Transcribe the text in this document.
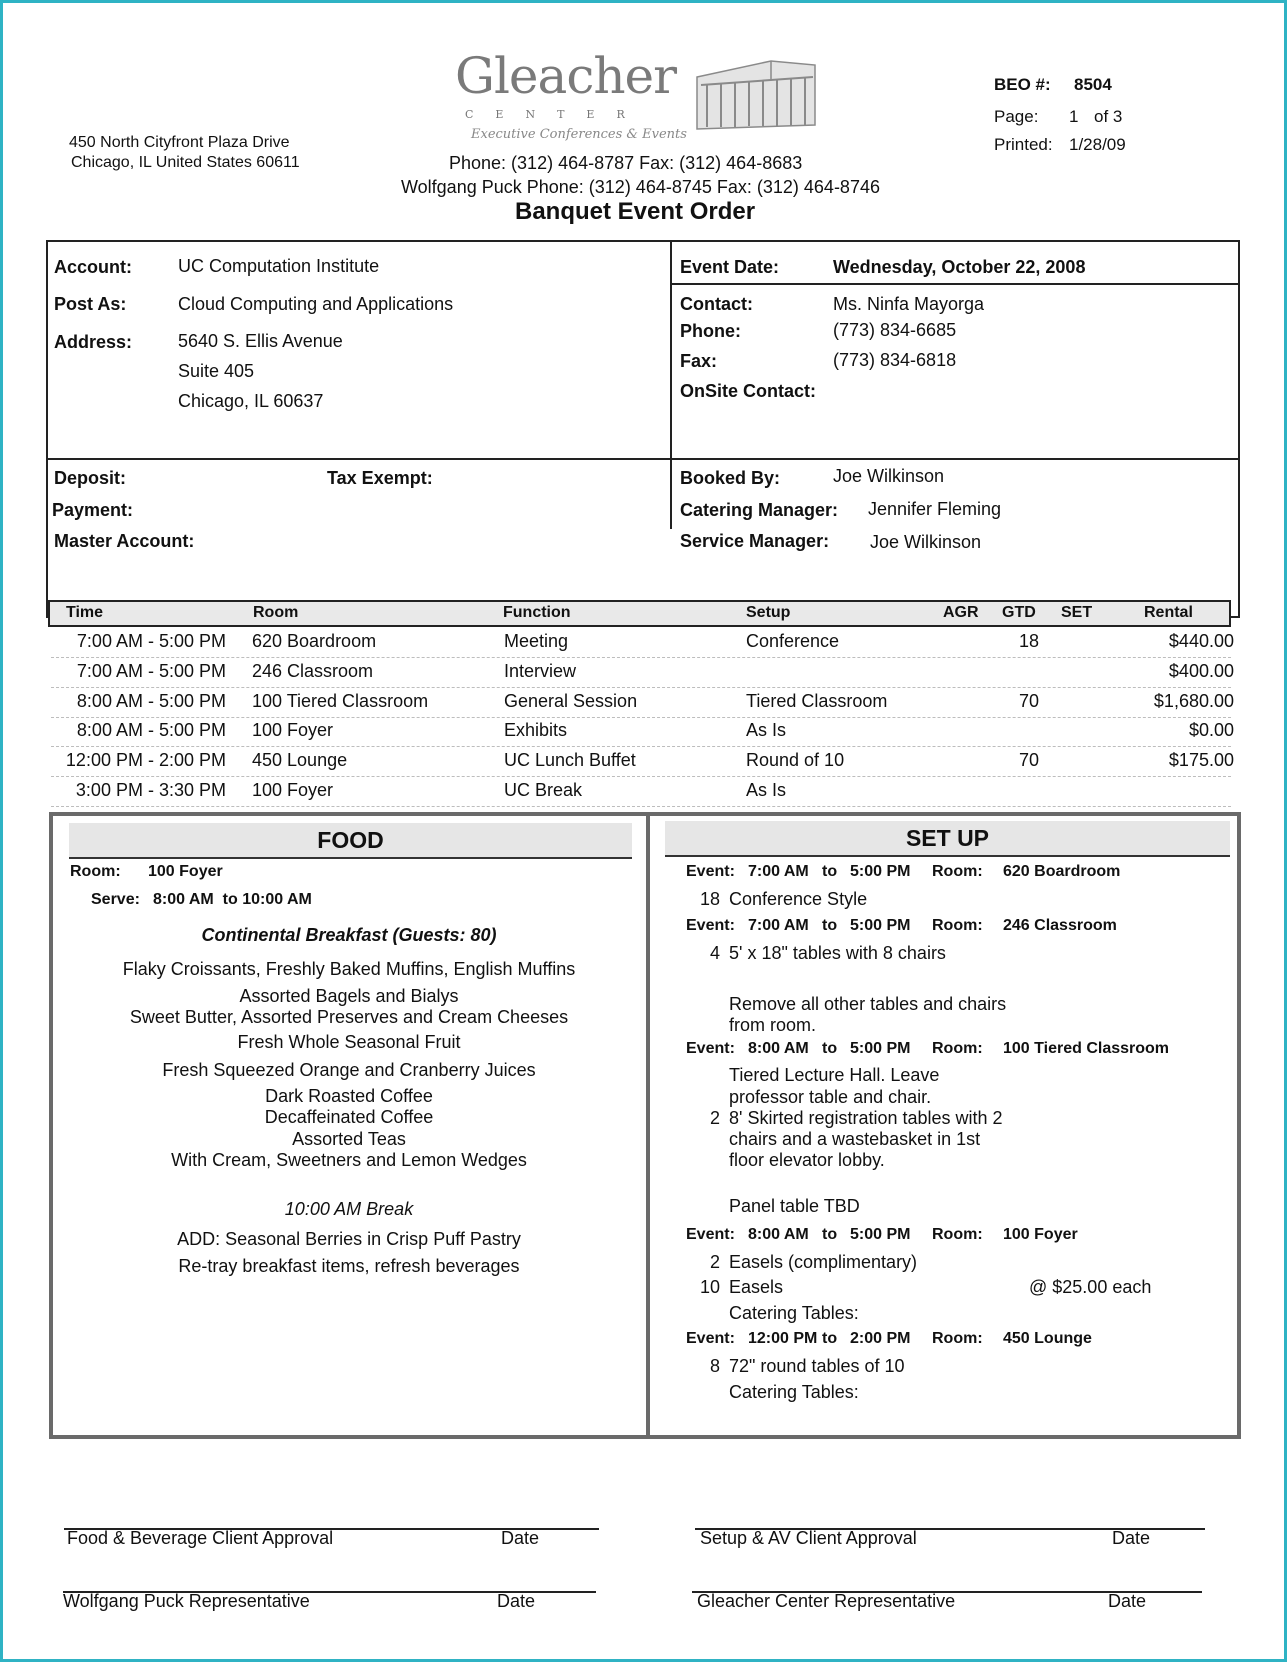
450 North Cityfront Plaza Drive
Chicago, IL United States 60611
Gleacher
CENTER
Executive Conferences & Events
Phone: (312) 464-8787 Fax: (312) 464-8683
Wolfgang Puck Phone: (312) 464-8745 Fax: (312) 464-8746
Banquet Event Order
BEO #: 8504
Page: 1 of 3
Printed: 1/28/09
Account:	UC Computation Institute
Post As:	Cloud Computing and Applications
Address:	5640 S. Ellis Avenue
Suite 405
Chicago, IL 60637
Event Date:	Wednesday, October 22, 2008
Contact:	Ms. Ninfa Mayorga
Phone:	(773) 834-6685
Fax:	(773) 834-6818
OnSite Contact:
Deposit:	Tax Exempt:
Payment:
Master Account:
Booked By:	Joe Wilkinson
Catering Manager: Jennifer Fleming
Service Manager: Joe Wilkinson
Time	Room	Function	Setup	AGR GTD SET	Rental
7:00 AM - 5:00 PM 620 Boardroom	Meeting	Conference	18	$440.00
7:00 AM - 5:00 PM 246 Classroom	Interview	$400.00
8:00 AM - 5:00 PM 100 Tiered Classroom	General Session	Tiered Classroom	70	$1,680.00
8:00 AM - 5:00 PM 100 Foyer	Exhibits	As Is	$0.00
12:00 PM - 2:00 PM 450 Lounge	UC Lunch Buffet	Round of 10	70	$175.00
3:00 PM - 3:30 PM 100 Foyer	UC Break	As Is
FOOD
Room: 100 Foyer
Serve: 8:00 AM  to 10:00 AM
Continental Breakfast (Guests: 80)
Flaky Croissants, Freshly Baked Muffins, English Muffins
Assorted Bagels and Bialys
Sweet Butter, Assorted Preserves and Cream Cheeses
Fresh Whole Seasonal Fruit
Fresh Squeezed Orange and Cranberry Juices
Dark Roasted Coffee
Decaffeinated Coffee
Assorted Teas
With Cream, Sweetners and Lemon Wedges
10:00 AM Break
ADD: Seasonal Berries in Crisp Puff Pastry
Re-tray breakfast items, refresh beverages
SET UP
Event: 7:00 AM to 5:00 PM Room: 620 Boardroom
18 Conference Style
Event: 7:00 AM to 5:00 PM Room: 246 Classroom
4 5' x 18" tables with 8 chairs
Remove all other tables and chairs
from room.
Event: 8:00 AM to 5:00 PM Room: 100 Tiered Classroom
Tiered Lecture Hall. Leave
professor table and chair.
2 8' Skirted registration tables with 2
chairs and a wastebasket in 1st
floor elevator lobby.
Panel table TBD
Event: 8:00 AM to 5:00 PM Room: 100 Foyer
2 Easels (complimentary)
10 Easels	@ $25.00 each
Catering Tables:
Event: 12:00 PM to 2:00 PM Room: 450 Lounge
8 72" round tables of 10
Catering Tables:
Food & Beverage Client Approval	Date	Setup & AV Client Approval	Date
Wolfgang Puck Representative	Date	Gleacher Center Representative	Date
